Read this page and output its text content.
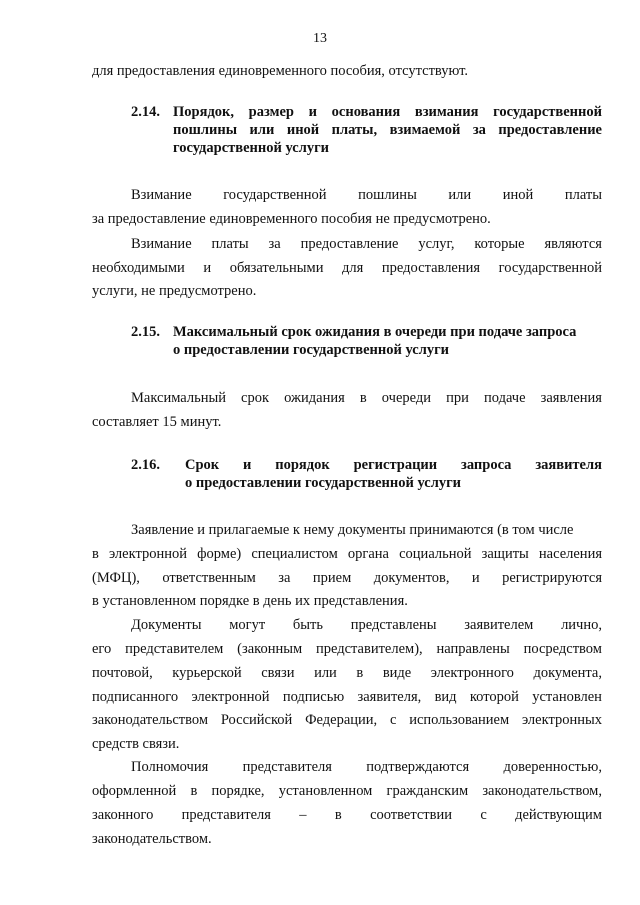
13
для предоставления единовременного пособия, отсутствуют.
2.14. Порядок, размер и основания взимания государственной
пошлины или иной платы, взимаемой за предоставление
государственной услуги
Взимание государственной пошлины или иной платы
за предоставление единовременного пособия не предусмотрено.
Взимание платы за предоставление услуг, которые являются
необходимыми и обязательными для предоставления государственной
услуги, не предусмотрено.
2.15. Максимальный срок ожидания в очереди при подаче запроса
о предоставлении государственной услуги
Максимальный срок ожидания в очереди при подаче заявления
составляет 15 минут.
2.16.	Срок и порядок регистрации запроса заявителя
о предоставлении государственной услуги
Заявление и прилагаемые к нему документы принимаются (в том числе
в электронной форме) специалистом органа социальной защиты населения
(МФЦ), ответственным за прием документов, и регистрируются
в установленном порядке в день их представления.
Документы могут быть представлены заявителем лично,
его представителем (законным представителем), направлены посредством
почтовой, курьерской связи или в виде электронного документа,
подписанного электронной подписью заявителя, вид которой установлен
законодательством Российской Федерации, с использованием электронных
средств связи.
Полномочия представителя подтверждаются доверенностью,
оформленной в порядке, установленном гражданским законодательством,
законного представителя – в соответствии с действующим
законодательством.
